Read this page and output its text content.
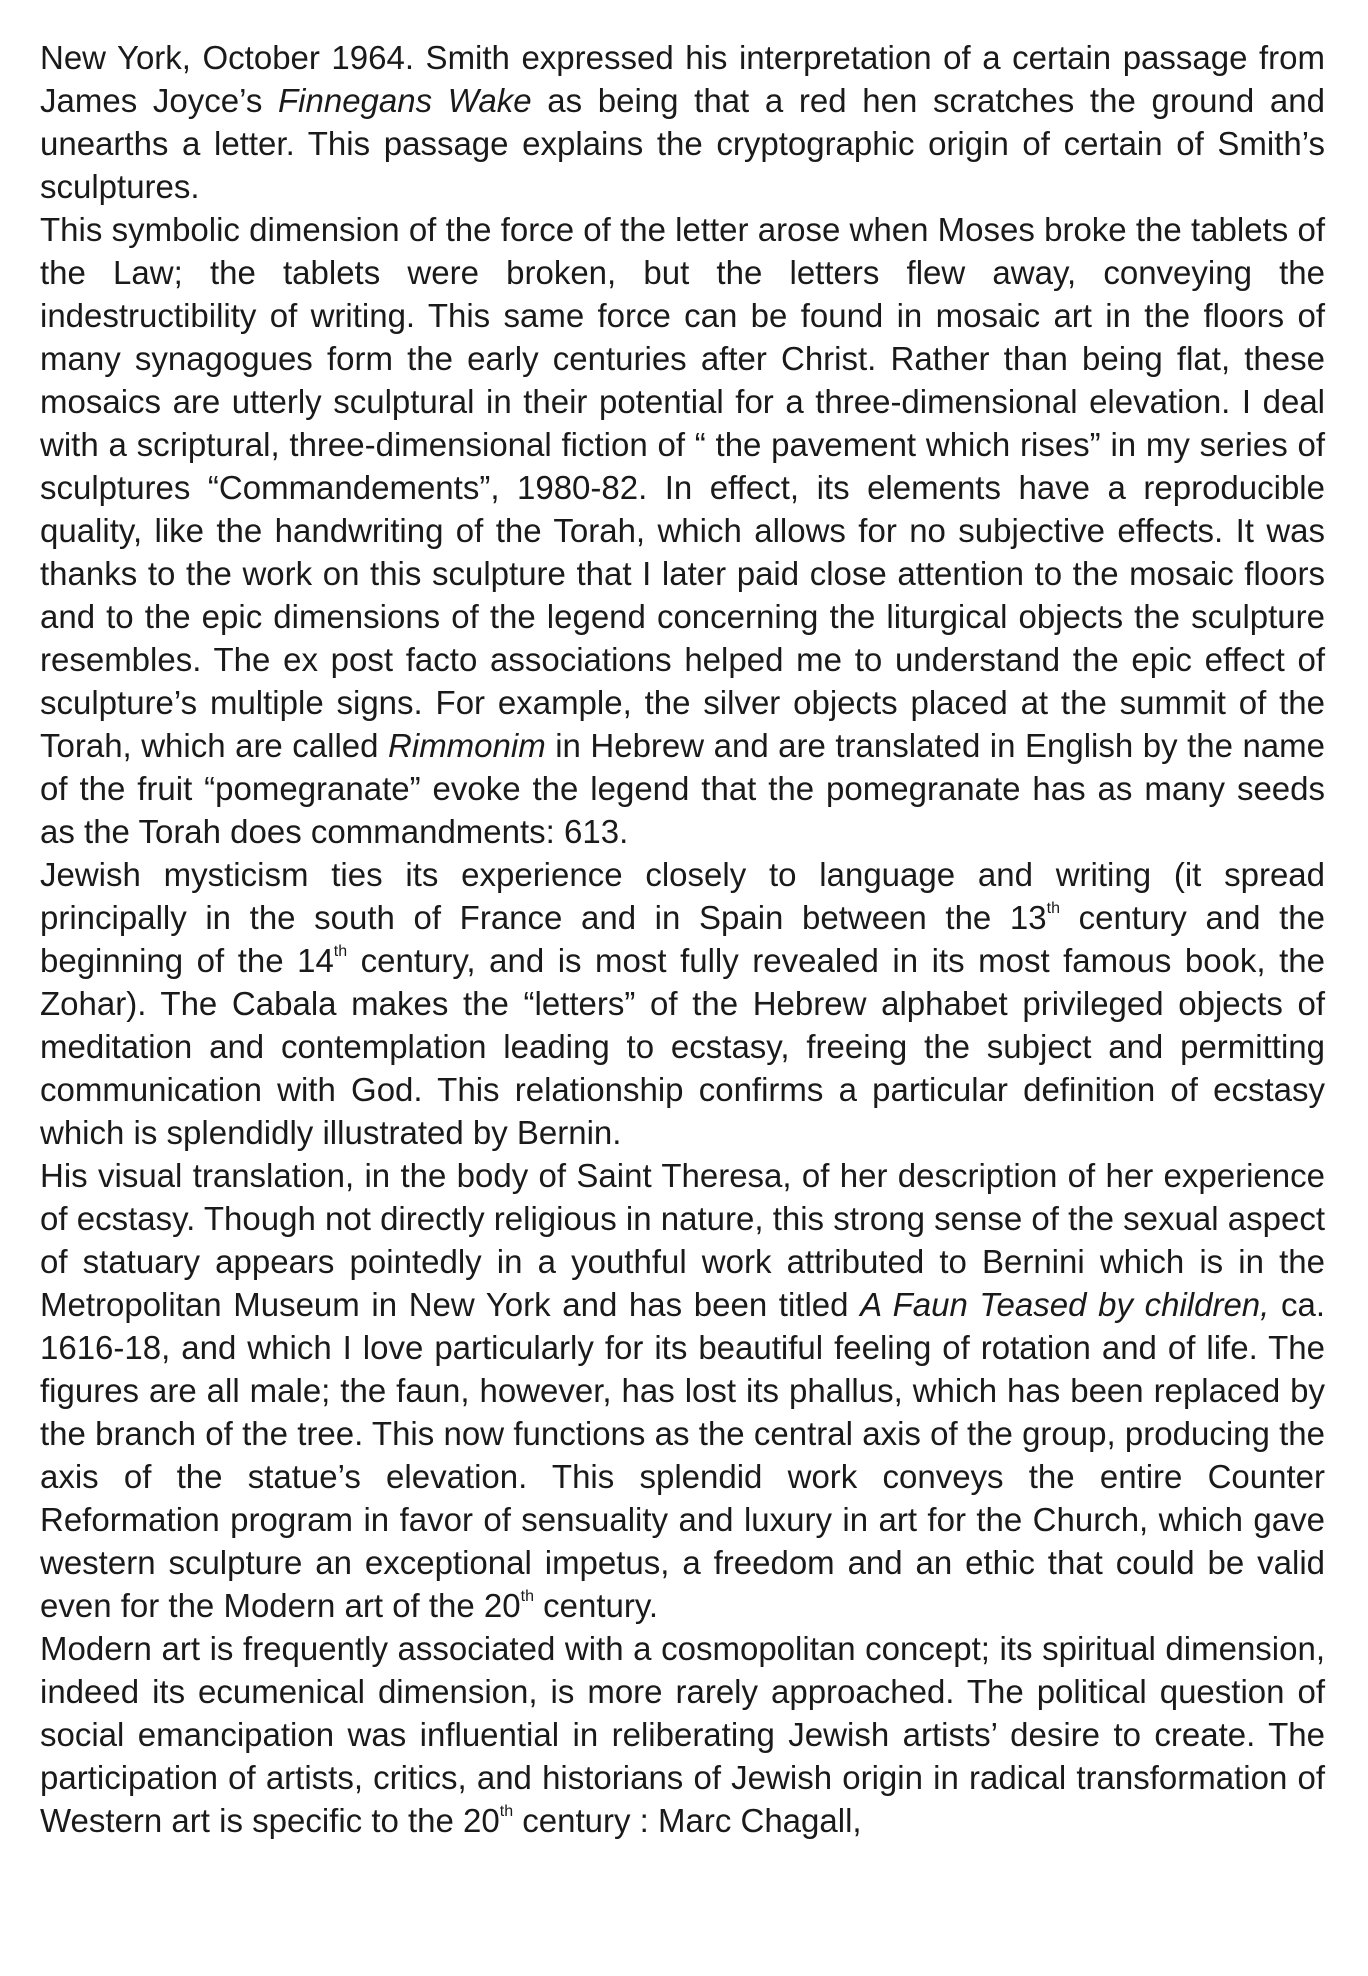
New York, October 1964. Smith expressed his interpretation of a certain passage from James Joyce’s Finnegans Wake as being that a red hen scratches the ground and unearths a letter. This passage explains the cryptographic origin of certain of Smith’s sculptures.

This symbolic dimension of the force of the letter arose when Moses broke the tablets of the Law; the tablets were broken, but the letters flew away, conveying the indestructibility of writing. This same force can be found in mosaic art in the floors of many synagogues form the early centuries after Christ. Rather than being flat, these mosaics are utterly sculptural in their potential for a three-dimensional elevation. I deal with a scriptural, three-dimensional fiction of “ the pavement which rises” in my series of sculptures “Commandements”, 1980-82. In effect, its elements have a reproducible quality, like the handwriting of the Torah, which allows for no subjective effects. It was thanks to the work on this sculpture that I later paid close attention to the mosaic floors and to the epic dimensions of the legend concerning the liturgical objects the sculpture resembles. The ex post facto associations helped me to understand the epic effect of sculpture’s multiple signs. For example, the silver objects placed at the summit of the Torah, which are called Rimmonim in Hebrew and are translated in English by the name of the fruit “pomegranate” evoke the legend that the pomegranate has as many seeds as the Torah does commandments: 613.

Jewish mysticism ties its experience closely to language and writing (it spread principally in the south of France and in Spain between the 13th century and the beginning of the 14th century, and is most fully revealed in its most famous book, the Zohar). The Cabala makes the “letters” of the Hebrew alphabet privileged objects of meditation and contemplation leading to ecstasy, freeing the subject and permitting communication with God. This relationship confirms a particular definition of ecstasy which is splendidly illustrated by Bernin.

His visual translation, in the body of Saint Theresa, of her description of her experience of ecstasy. Though not directly religious in nature, this strong sense of the sexual aspect of statuary appears pointedly in a youthful work attributed to Bernini which is in the Metropolitan Museum in New York and has been titled A Faun Teased by children, ca. 1616-18, and which I love particularly for its beautiful feeling of rotation and of life. The figures are all male; the faun, however, has lost its phallus, which has been replaced by the branch of the tree. This now functions as the central axis of the group, producing the axis of the statue’s elevation. This splendid work conveys the entire Counter Reformation program in favor of sensuality and luxury in art for the Church, which gave western sculpture an exceptional impetus, a freedom and an ethic that could be valid even for the Modern art of the 20th century.

Modern art is frequently associated with a cosmopolitan concept; its spiritual dimension, indeed its ecumenical dimension, is more rarely approached. The political question of social emancipation was influential in reliberating Jewish artists’ desire to create. The participation of artists, critics, and historians of Jewish origin in radical transformation of Western art is specific to the 20th century : Marc Chagall,
